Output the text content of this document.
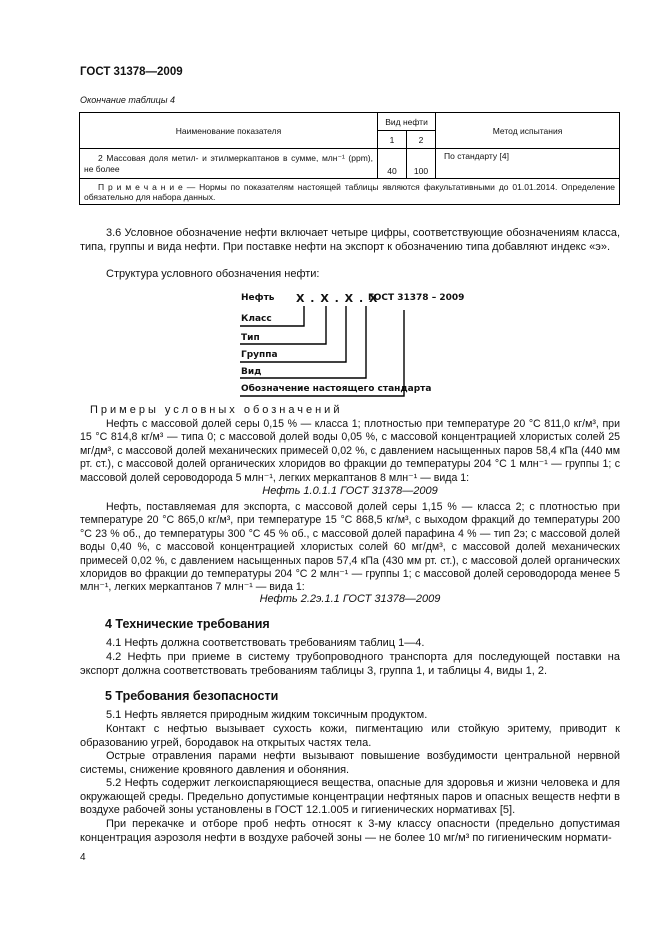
ГОСТ 31378—2009
Окончание таблицы 4
Наименование показателя	Вид нефти		Метод испытания
	1	2	
2 Массовая доля метил- и этилмеркаптанов в сумме, млн⁻¹ (ppm), не более	40	100	По стандарту [4]
П р и м е ч а н и е — Нормы по показателям настоящей таблицы являются факультативными до 01.01.2014. Определение обязательно для набора данных.			
3.6 Условное обозначение нефти включает четыре цифры, соответствующие обозначениям класса, типа, группы и вида нефти. При поставке нефти на экспорт к обозначению типа добавляют индекс «э».
Структура условного обозначения нефти:
Нефть X . X . X . X
ГОСТ 31378 – 2009
Класс
Тип
Группа
Вид
Обозначение настоящего стандарта
Примеры условных обозначений
Нефть с массовой долей серы 0,15 % — класса 1; плотностью при температуре 20 °С 811,0 кг/м³, при 15 °С 814,8 кг/м³ — типа 0; с массовой долей воды 0,05 %, с массовой концентрацией хлористых солей 25 мг/дм³, с массовой долей механических примесей 0,02 %, с давлением насыщенных паров 58,4 кПа (440 мм рт. ст.), с массовой долей органических хлоридов во фракции до температуры 204 °С 1 млн⁻¹ — группы 1; с массовой долей сероводорода 5 млн⁻¹, легких меркаптанов 8 млн⁻¹ — вида 1:
Нефть 1.0.1.1 ГОСТ 31378—2009
Нефть, поставляемая для экспорта, с массовой долей серы 1,15 % — класса 2; с плотностью при температуре 20 °С 865,0 кг/м³, при температуре 15 °С 868,5 кг/м³, с выходом фракций до температуры 200 °С 23 % об., до температуры 300 °С 45 % об., с массовой долей парафина 4 % — тип 2э; с массовой долей воды 0,40 %, с массовой концентрацией хлористых солей 60 мг/дм³, с массовой долей механических примесей 0,02 %, с давлением насыщенных паров 57,4 кПа (430 мм рт. ст.), с массовой долей органических хлоридов во фракции до температуры 204 °С 2 млн⁻¹ — группы 1; с массовой долей сероводорода менее 5 млн⁻¹, легких меркаптанов 7 млн⁻¹ — вида 1:
Нефть 2.2э.1.1 ГОСТ 31378—2009
4 Технические требования
4.1 Нефть должна соответствовать требованиям таблиц 1—4.
4.2 Нефть при приеме в систему трубопроводного транспорта для последующей поставки на экспорт должна соответствовать требованиям таблицы 3, группа 1, и таблицы 4, виды 1, 2.
5 Требования безопасности
5.1 Нефть является природным жидким токсичным продуктом.
Контакт с нефтью вызывает сухость кожи, пигментацию или стойкую эритему, приводит к образованию угрей, бородавок на открытых частях тела.
Острые отравления парами нефти вызывают повышение возбудимости центральной нервной системы, снижение кровяного давления и обоняния.
5.2 Нефть содержит легкоиспаряющиеся вещества, опасные для здоровья и жизни человека и для окружающей среды. Предельно допустимые концентрации нефтяных паров и опасных веществ нефти в воздухе рабочей зоны установлены в ГОСТ 12.1.005 и гигиенических нормативах [5].
При перекачке и отборе проб нефть относят к 3-му классу опасности (предельно допустимая концентрация аэрозоля нефти в воздухе рабочей зоны — не более 10 мг/м³ по гигиеническим нормати-
4
